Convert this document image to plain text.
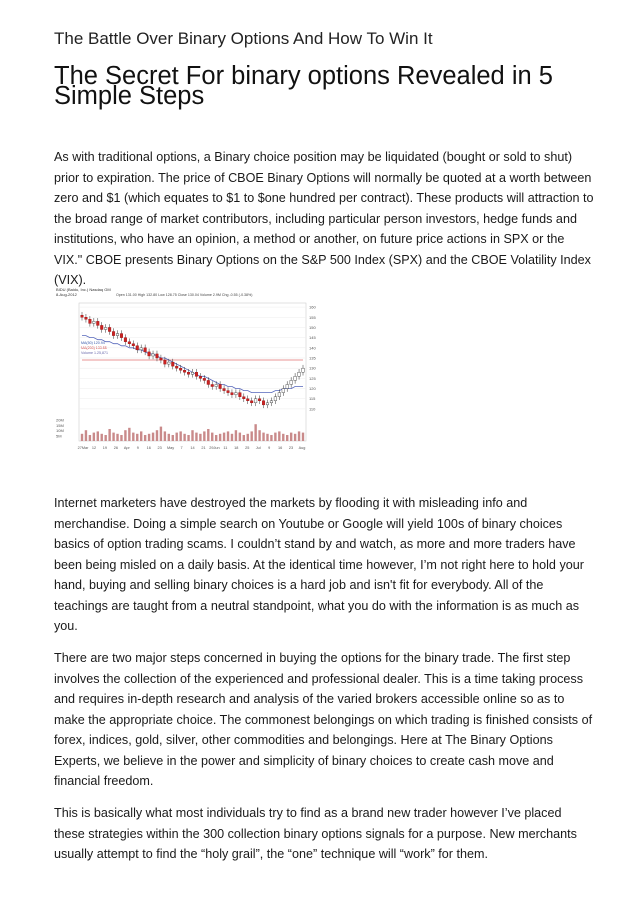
The Battle Over Binary Options And How To Win It
The Secret For binary options Revealed in 5 Simple Steps

As with traditional options, a Binary choice position may be liquidated (bought or sold to shut) prior to expiration. The price of CBOE Binary Options will normally be quoted at a worth between zero and $1 (which equates to $1 to $one hundred per contract). These products will attraction to the broad range of market contributors, including particular person investors, hedge funds and institutions, who have an opinion, a method or another, on future price actions in SPX or the VIX." CBOE presents Binary Options on the S&P 500 Index (SPX) and the CBOE Volatility Index (VIX).

BIDU (Baidu, Inc.) Nasdaq GM
8-Aug-2012	Open 131.00 High 132.80 Low 128.75 Close 130.04 Volume 2.9M Chg -0.55 (-0.38%)
MA(50) 120.94
MA(200) 133.55
Volume 1.25,871
160
155
150
145
140
135
130
125
120
115
110
20M
15M
10M
5M
27Mar 12 19 26 Apr 9 16 23 May 7 14 21 29Jun 11 18 25 Jul 9 16 23 Aug

Internet marketers have destroyed the markets by flooding it with misleading info and merchandise. Doing a simple search on Youtube or Google will yield 100s of binary choices basics of option trading scams. I couldn’t stand by and watch, as more and more traders have been being misled on a daily basis. At the identical time however, I’m not right here to hold your hand, buying and selling binary choices is a hard job and isn't fit for everybody. All of the teachings are taught from a neutral standpoint, what you do with the information is as much as you.

There are two major steps concerned in buying the options for the binary trade. The first step involves the collection of the experienced and professional dealer. This is a time taking process and requires in-depth research and analysis of the varied brokers accessible online so as to make the appropriate choice. The commonest belongings on which trading is finished consists of forex, indices, gold, silver, other commodities and belongings. Here at The Binary Options Experts, we believe in the power and simplicity of binary choices to create cash move and financial freedom.

This is basically what most individuals try to find as a brand new trader however I’ve placed these strategies within the 300 collection binary options signals for a purpose. New merchants usually attempt to find the “holy grail”, the “one” technique will “work” for them.
